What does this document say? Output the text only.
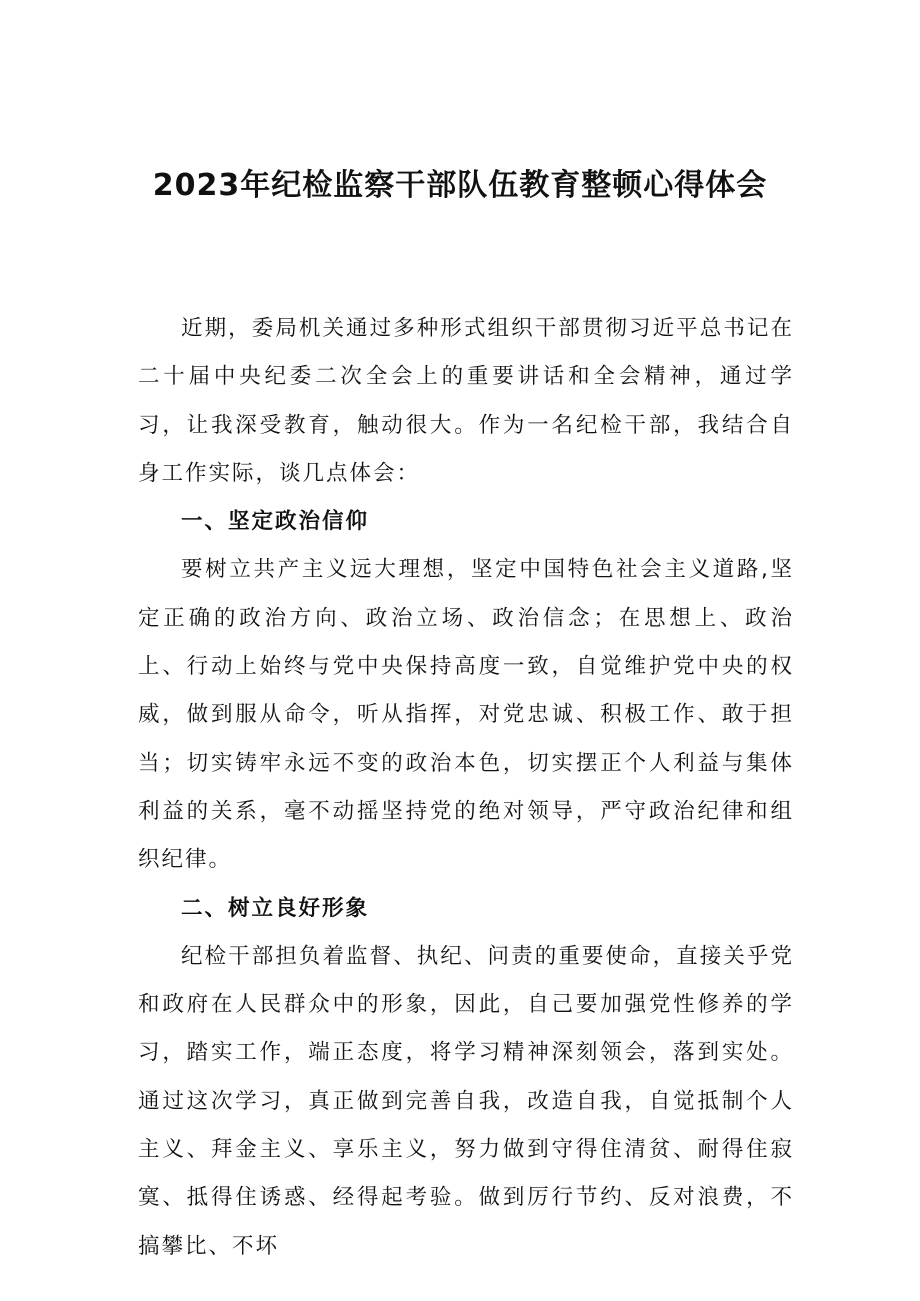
2023年纪检监察干部队伍教育整顿心得体会

近期，委局机关通过多种形式组织干部贯彻习近平总书记在二十届中央纪委二次全会上的重要讲话和全会精神，通过学习，让我深受教育，触动很大。作为一名纪检干部，我结合自身工作实际，谈几点体会：

一、坚定政治信仰

要树立共产主义远大理想，坚定中国特色社会主义道路,坚定正确的政治方向、政治立场、政治信念；在思想上、政治上、行动上始终与党中央保持高度一致，自觉维护党中央的权威，做到服从命令，听从指挥，对党忠诚、积极工作、敢于担当；切实铸牢永远不变的政治本色，切实摆正个人利益与集体利益的关系，毫不动摇坚持党的绝对领导，严守政治纪律和组织纪律。

二、树立良好形象

纪检干部担负着监督、执纪、问责的重要使命，直接关乎党和政府在人民群众中的形象，因此，自己要加强党性修养的学习，踏实工作，端正态度，将学习精神深刻领会，落到实处。通过这次学习，真正做到完善自我，改造自我，自觉抵制个人主义、拜金主义、享乐主义，努力做到守得住清贫、耐得住寂寞、抵得住诱惑、经得起考验。做到厉行节约、反对浪费，不搞攀比、不坏
